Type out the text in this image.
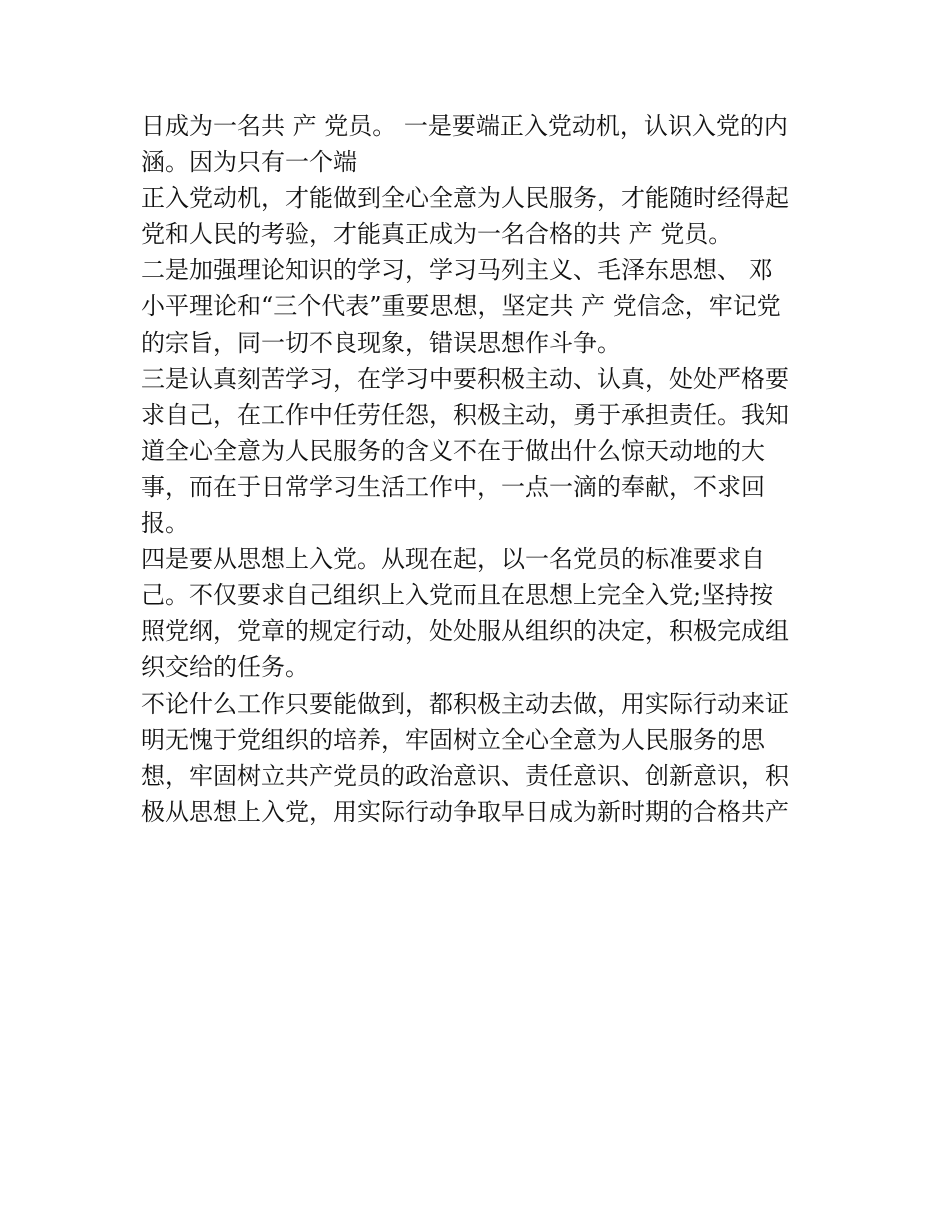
日成为一名共 产 党员。 一是要端正入党动机，认识入党的内

涵。因为只有一个端

正入党动机，才能做到全心全意为人民服务，才能随时经得起

党和人民的考验，才能真正成为一名合格的共 产 党员。

二是加强理论知识的学习，学习马列主义、毛泽东思想、 邓

小平理论和“三个代表”重要思想，坚定共 产 党信念，牢记党

的宗旨，同一切不良现象，错误思想作斗争。

三是认真刻苦学习，在学习中要积极主动、认真，处处严格要

求自己，在工作中任劳任怨，积极主动，勇于承担责任。我知

道全心全意为人民服务的含义不在于做出什么惊天动地的大

事，而在于日常学习生活工作中，一点一滴的奉献，不求回

报。

四是要从思想上入党。从现在起，以一名党员的标准要求自

己。不仅要求自己组织上入党而且在思想上完全入党;坚持按

照党纲，党章的规定行动，处处服从组织的决定，积极完成组

织交给的任务。

不论什么工作只要能做到，都积极主动去做，用实际行动来证

明无愧于党组织的培养，牢固树立全心全意为人民服务的思

想，牢固树立共产党员的政治意识、责任意识、创新意识，积

极从思想上入党，用实际行动争取早日成为新时期的合格共产
